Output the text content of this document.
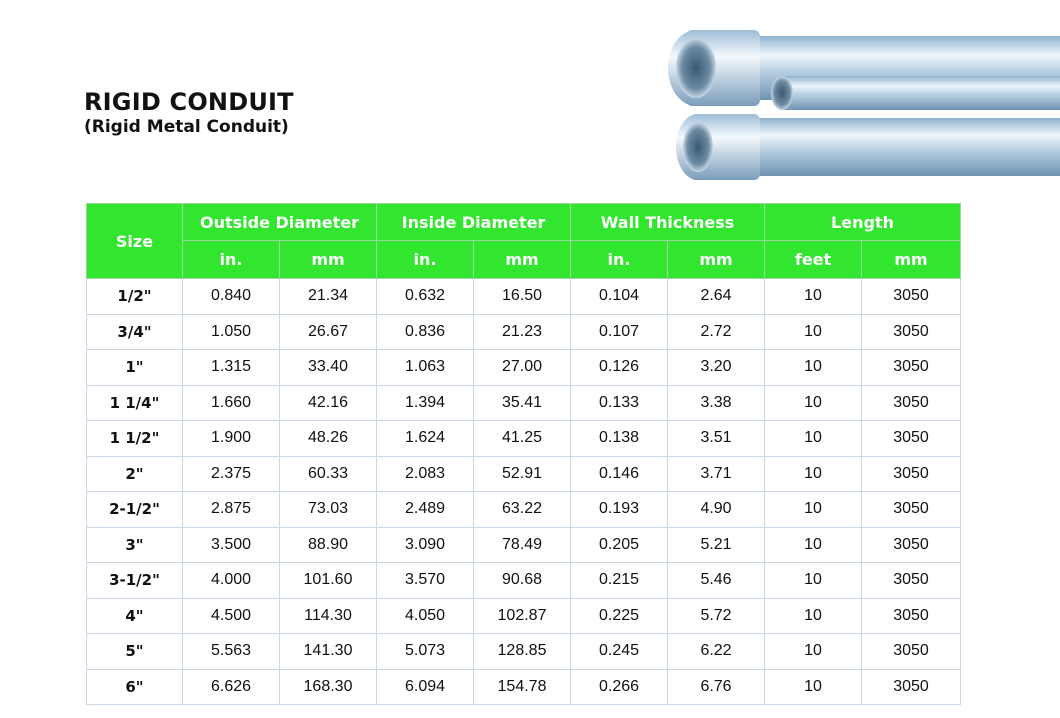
RIGID CONDUIT
(Rigid Metal Conduit)
Size	Outside Diameter		Inside Diameter		Wall Thickness		Length	
	in.	mm	in.	mm	in.	mm	feet	mm
1/2"	0.840	21.34	0.632	16.50	0.104	2.64	10	3050
3/4"	1.050	26.67	0.836	21.23	0.107	2.72	10	3050
1"	1.315	33.40	1.063	27.00	0.126	3.20	10	3050
1 1/4"	1.660	42.16	1.394	35.41	0.133	3.38	10	3050
1 1/2"	1.900	48.26	1.624	41.25	0.138	3.51	10	3050
2"	2.375	60.33	2.083	52.91	0.146	3.71	10	3050
2-1/2"	2.875	73.03	2.489	63.22	0.193	4.90	10	3050
3"	3.500	88.90	3.090	78.49	0.205	5.21	10	3050
3-1/2"	4.000	101.60	3.570	90.68	0.215	5.46	10	3050
4"	4.500	114.30	4.050	102.87	0.225	5.72	10	3050
5"	5.563	141.30	5.073	128.85	0.245	6.22	10	3050
6"	6.626	168.30	6.094	154.78	0.266	6.76	10	3050
